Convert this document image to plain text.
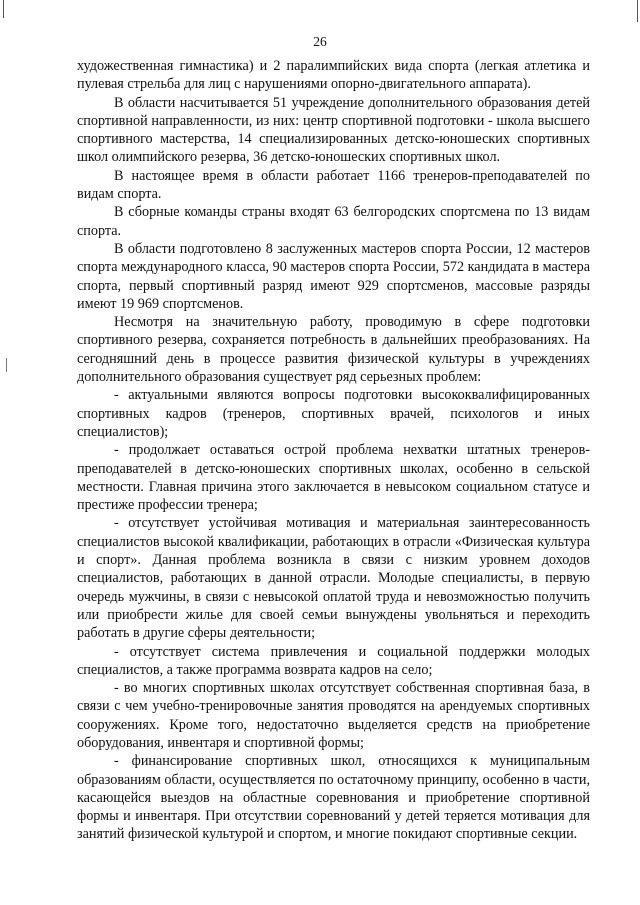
26

художественная гимнастика) и 2 паралимпийских вида спорта (легкая атлетика и пулевая стрельба для лиц с нарушениями опорно-двигательного аппарата).

В области насчитывается 51 учреждение дополнительного образования детей спортивной направленности, из них: центр спортивной подготовки - школа высшего спортивного мастерства, 14 специализированных детско-юношеских спортивных школ олимпийского резерва, 36 детско-юношеских спортивных школ.

В настоящее время в области работает 1166 тренеров-преподавателей по видам спорта.

В сборные команды страны входят 63 белгородских спортсмена по 13 видам спорта.

В области подготовлено 8 заслуженных мастеров спорта России, 12 мастеров спорта международного класса, 90 мастеров спорта России, 572 кандидата в мастера спорта, первый спортивный разряд имеют 929 спортсменов, массовые разряды имеют 19 969 спортсменов.

Несмотря на значительную работу, проводимую в сфере подготовки спортивного резерва, сохраняется потребность в дальнейших преобразованиях. На сегодняшний день в процессе развития физической культуры в учреждениях дополнительного образования существует ряд серьезных проблем:

- актуальными являются вопросы подготовки высококвалифицированных спортивных кадров (тренеров, спортивных врачей, психологов и иных специалистов);

- продолжает оставаться острой проблема нехватки штатных тренеров-преподавателей в детско-юношеских спортивных школах, особенно в сельской местности. Главная причина этого заключается в невысоком социальном статусе и престиже профессии тренера;

- отсутствует устойчивая мотивация и материальная заинтересованность специалистов высокой квалификации, работающих в отрасли «Физическая культура и спорт». Данная проблема возникла в связи с низким уровнем доходов специалистов, работающих в данной отрасли. Молодые специалисты, в первую очередь мужчины, в связи с невысокой оплатой труда и невозможностью получить или приобрести жилье для своей семьи вынуждены увольняться и переходить работать в другие сферы деятельности;

- отсутствует система привлечения и социальной поддержки молодых специалистов, а также программа возврата кадров на село;

- во многих спортивных школах отсутствует собственная спортивная база, в связи с чем учебно-тренировочные занятия проводятся на арендуемых спортивных сооружениях. Кроме того, недостаточно выделяется средств на приобретение оборудования, инвентаря и спортивной формы;

- финансирование спортивных школ, относящихся к муниципальным образованиям области, осуществляется по остаточному принципу, особенно в части, касающейся выездов на областные соревнования и приобретение спортивной формы и инвентаря. При отсутствии соревнований у детей теряется мотивация для занятий физической культурой и спортом, и многие покидают спортивные секции.
